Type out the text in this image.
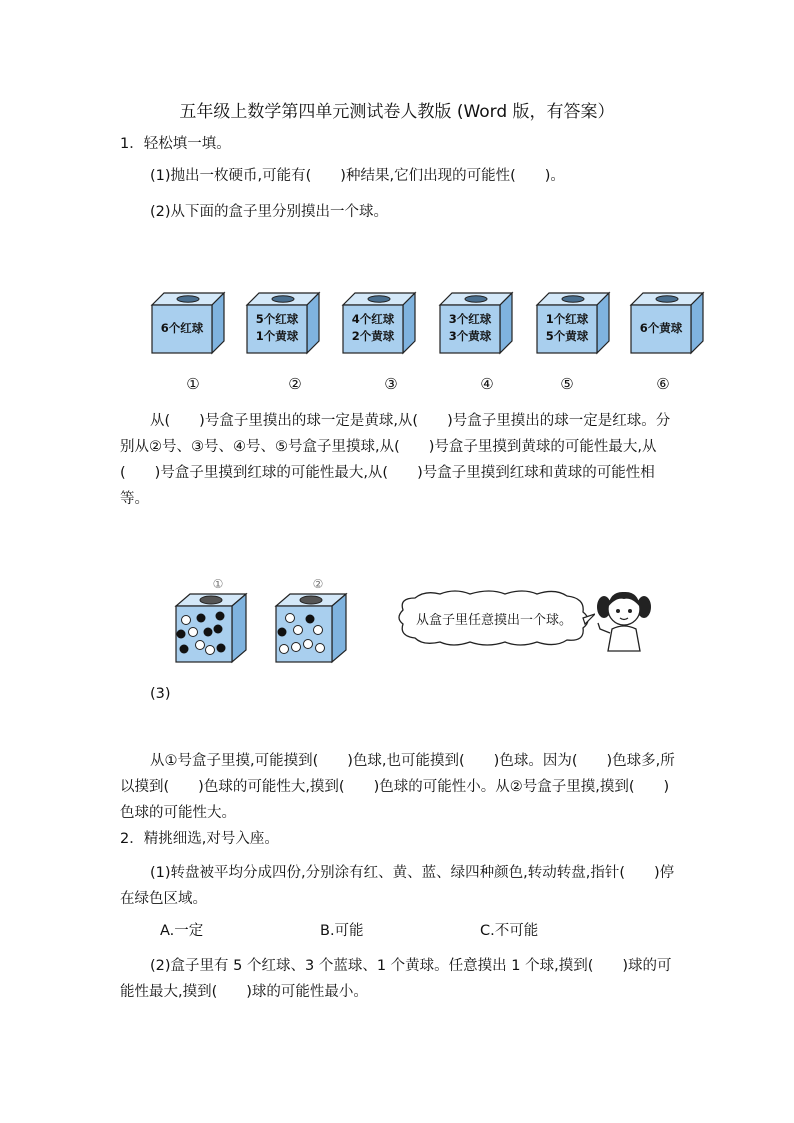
五年级上数学第四单元测试卷人教版 (Word 版，有答案）
1．轻松填一填。
(1)抛出一枚硬币,可能有(　　)种结果,它们出现的可能性(　　)。
(2)从下面的盒子里分别摸出一个球。
6个红球
①
5个红球
1个黄球
②
4个红球
2个黄球
③
3个红球
3个黄球
④
1个红球
5个黄球
⑤
6个黄球
⑥
从(　　)号盒子里摸出的球一定是黄球,从(　　)号盒子里摸出的球一定是红球。分别从②号、③号、④号、⑤号盒子里摸球,从(　　)号盒子里摸到黄球的可能性最大,从(　　)号盒子里摸到红球的可能性最大,从(　　)号盒子里摸到红球和黄球的可能性相等。
①	②
从盒子里任意摸出一个球。
(3)
从①号盒子里摸,可能摸到(　　)色球,也可能摸到(　　)色球。因为(　　)色球多,所以摸到(　　)色球的可能性大,摸到(　　)色球的可能性小。从②号盒子里摸,摸到(　　)色球的可能性大。
2．精挑细选,对号入座。
(1)转盘被平均分成四份,分别涂有红、黄、蓝、绿四种颜色,转动转盘,指针(　　)停在绿色区域。
A.一定	B.可能	C.不可能
(2)盒子里有 5 个红球、3 个蓝球、1 个黄球。任意摸出 1 个球,摸到(　　)球的可能性最大,摸到(　　)球的可能性最小。
